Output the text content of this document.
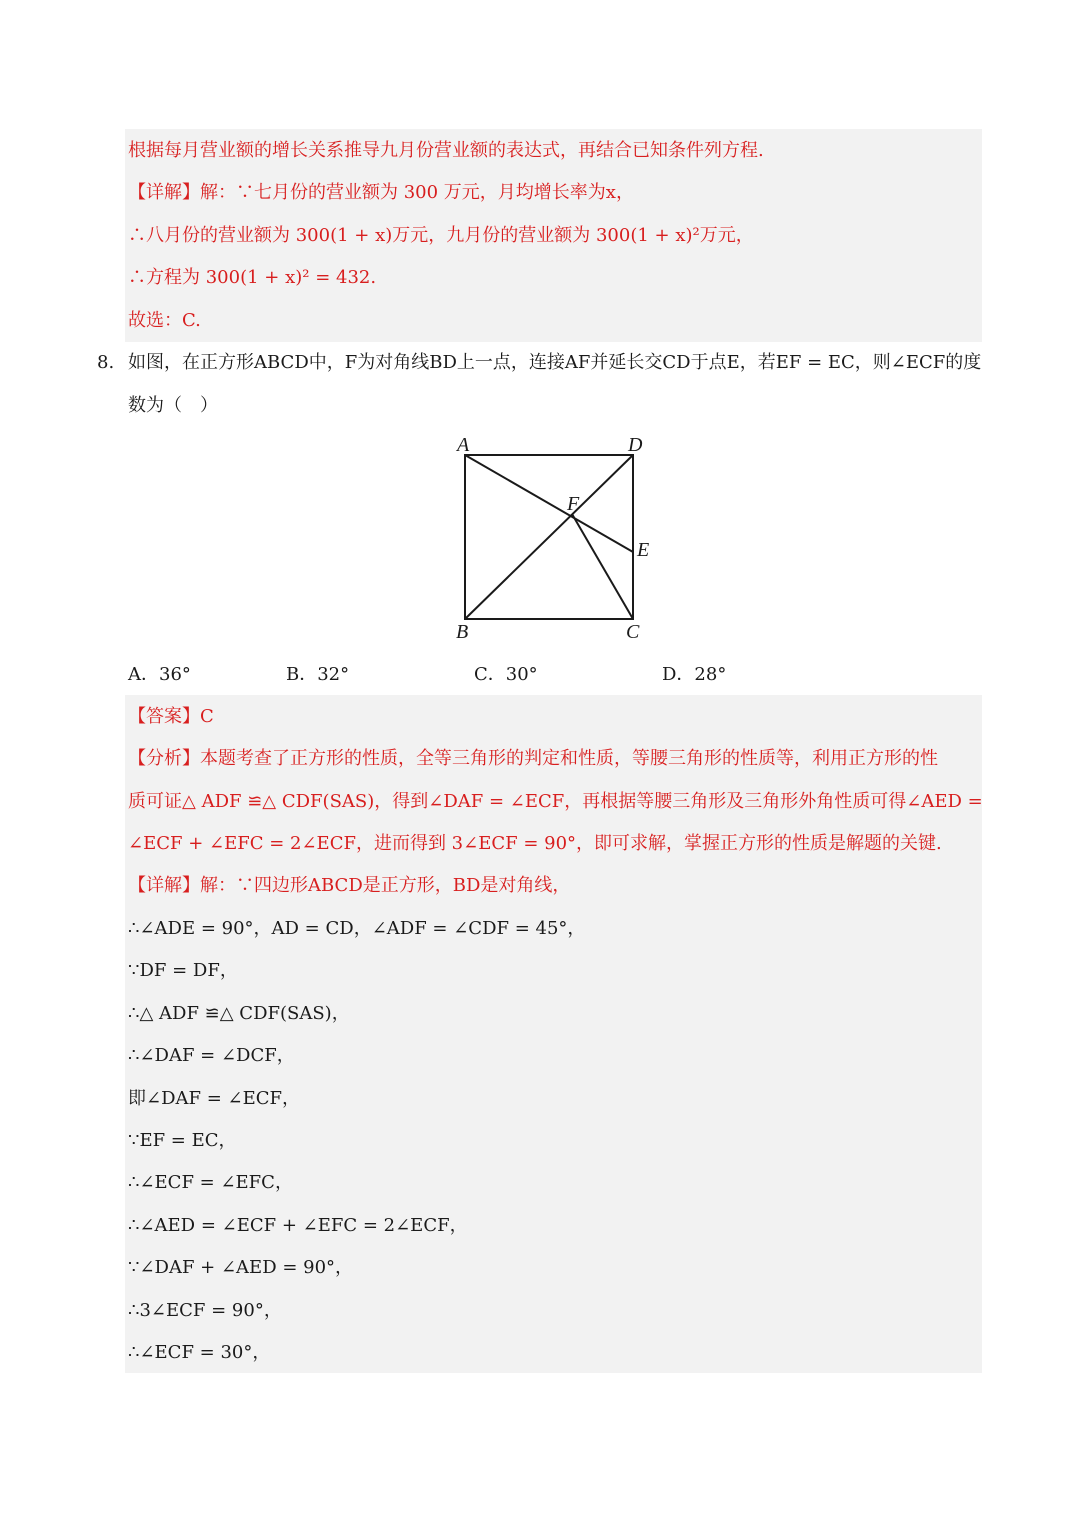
根据每月营业额的增长关系推导九月份营业额的表达式，再结合已知条件列方程.
【详解】解：∵七月份的营业额为 300 万元，月均增长率为x，
∴八月份的营业额为 300(1 + x)万元，九月份的营业额为 300(1 + x)²万元，
∴方程为 300(1 + x)² = 432.
故选：C.
8. 如图，在正方形ABCD中，F为对角线BD上一点，连接AF并延长交CD于点E，若EF = EC，则∠ECF的度
数为（　）
A	D
F
E
B	C
A．36°	B．32°	C．30°	D．28°
【答案】C
【分析】本题考查了正方形的性质，全等三角形的判定和性质，等腰三角形的性质等，利用正方形的性
质可证△ ADF ≌△ CDF(SAS)，得到∠DAF = ∠ECF，再根据等腰三角形及三角形外角性质可得∠AED =
∠ECF + ∠EFC = 2∠ECF，进而得到 3∠ECF = 90°，即可求解，掌握正方形的性质是解题的关键.
【详解】解：∵四边形ABCD是正方形，BD是对角线，
∴∠ADE = 90°，AD = CD，∠ADF = ∠CDF = 45°，
∵DF = DF，
∴△ ADF ≌△ CDF(SAS)，
∴∠DAF = ∠DCF，
即∠DAF = ∠ECF，
∵EF = EC，
∴∠ECF = ∠EFC，
∴∠AED = ∠ECF + ∠EFC = 2∠ECF，
∵∠DAF + ∠AED = 90°，
∴3∠ECF = 90°，
∴∠ECF = 30°，
